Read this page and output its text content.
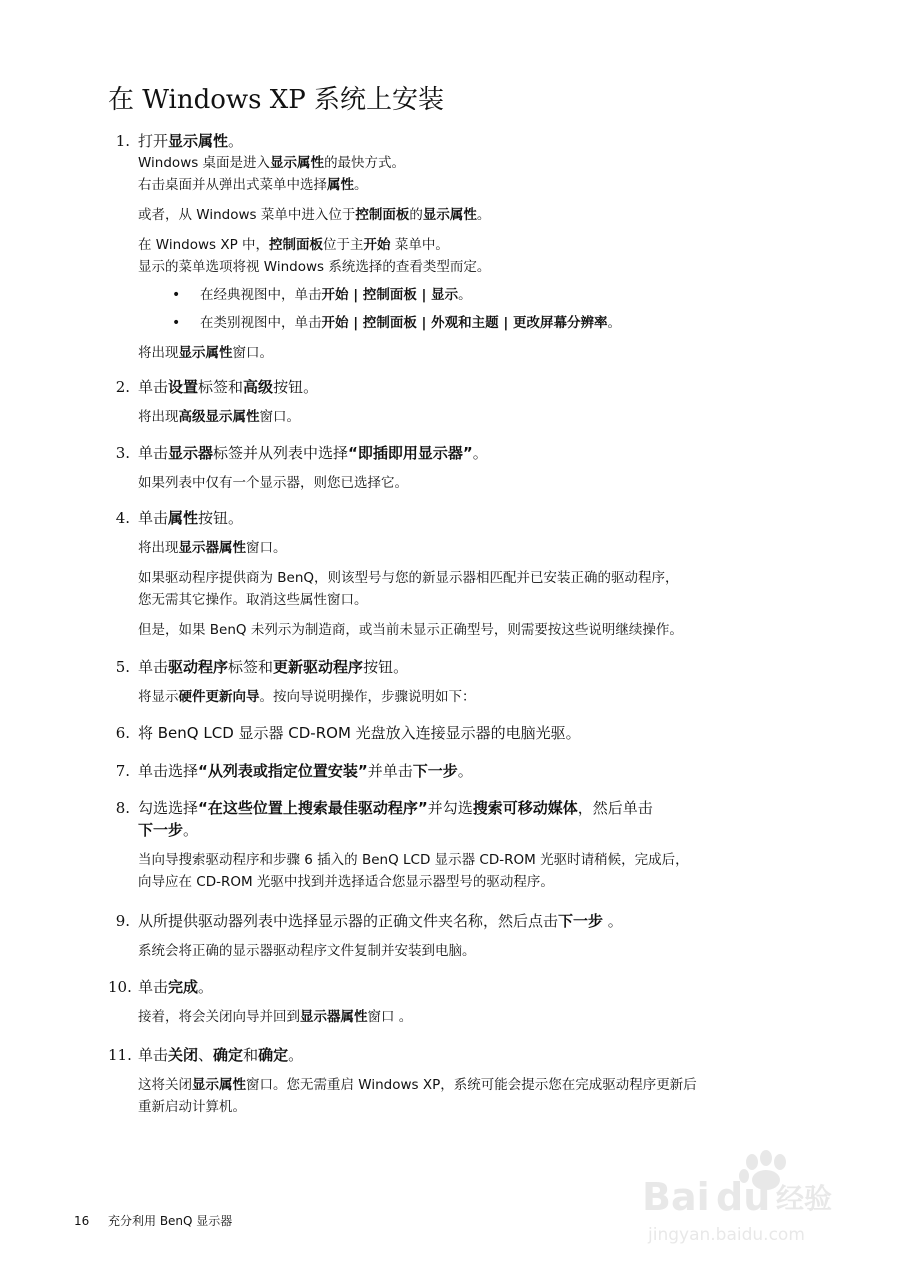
在 Windows XP 系统上安装
1. 打开显示属性。
Windows 桌面是进入显示属性的最快方式。
右击桌面并从弹出式菜单中选择属性。
或者，从 Windows 菜单中进入位于控制面板的显示属性。
在 Windows XP 中，控制面板位于主开始 菜单中。
显示的菜单选项将视 Windows 系统选择的查看类型而定。
•	在经典视图中，单击开始 | 控制面板 | 显示。
•	在类别视图中，单击开始 | 控制面板 | 外观和主题 | 更改屏幕分辨率。
将出现显示属性窗口。
2. 单击设置标签和高级按钮。
将出现高级显示属性窗口。
3. 单击显示器标签并从列表中选择“即插即用显示器”。
如果列表中仅有一个显示器，则您已选择它。
4. 单击属性按钮。
将出现显示器属性窗口。
如果驱动程序提供商为 BenQ，则该型号与您的新显示器相匹配并已安装正确的驱动程序，
您无需其它操作。取消这些属性窗口。
但是，如果 BenQ 未列示为制造商，或当前未显示正确型号，则需要按这些说明继续操作。
5. 单击驱动程序标签和更新驱动程序按钮。
将显示硬件更新向导。按向导说明操作，步骤说明如下：
6. 将 BenQ LCD 显示器 CD-ROM 光盘放入连接显示器的电脑光驱。
7. 单击选择“从列表或指定位置安装”并单击下一步。
8. 勾选选择“在这些位置上搜索最佳驱动程序”并勾选搜索可移动媒体，然后单击
下一步。
当向导搜索驱动程序和步骤 6 插入的 BenQ LCD 显示器 CD-ROM 光驱时请稍候，完成后，
向导应在 CD-ROM 光驱中找到并选择适合您显示器型号的驱动程序。
9. 从所提供驱动器列表中选择显示器的正确文件夹名称，然后点击下一步 。
系统会将正确的显示器驱动程序文件复制并安装到电脑。
10. 单击完成。
接着，将会关闭向导并回到显示器属性窗口 。
11. 单击关闭、确定和确定。
这将关闭显示属性窗口。您无需重启 Windows XP，系统可能会提示您在完成驱动程序更新后
重新启动计算机。
16	充分利用 BenQ 显示器
Bai du 经验
jingyan.baidu.com
